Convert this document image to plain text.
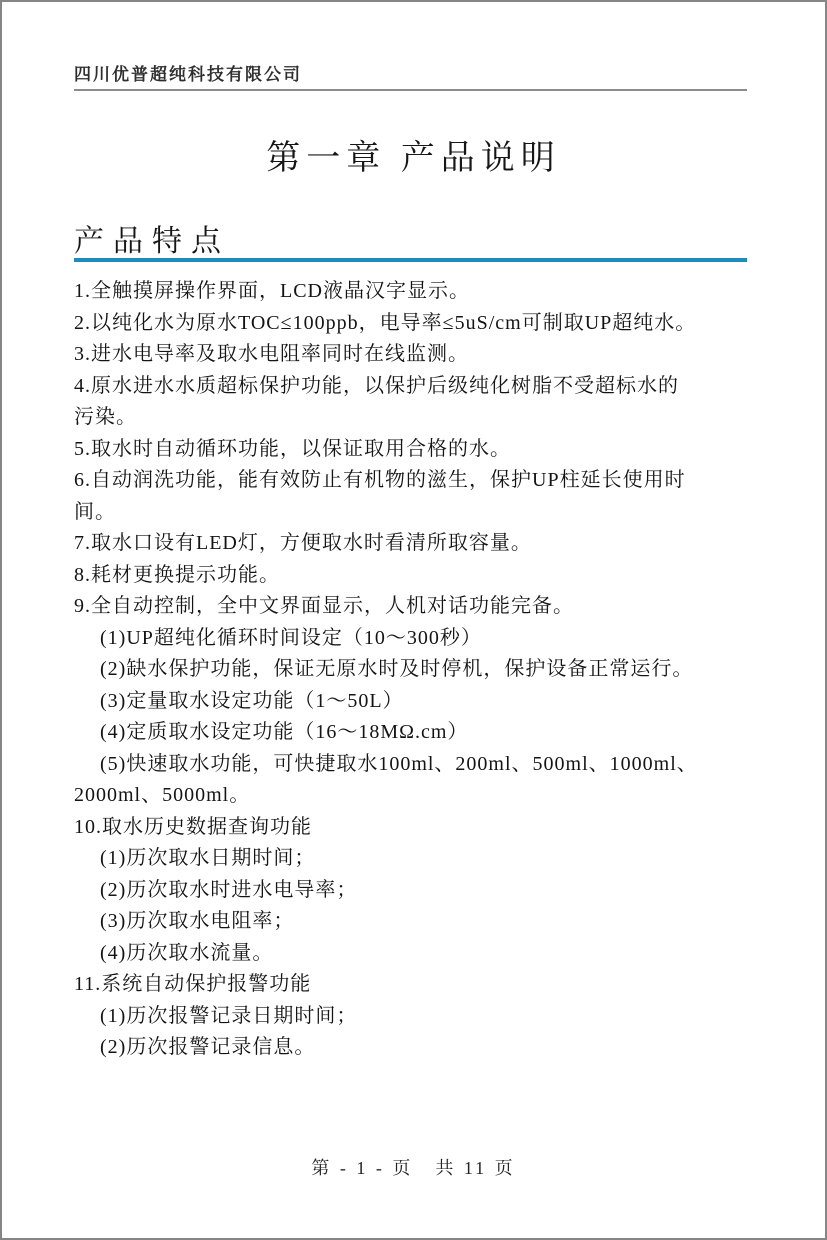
四川优普超纯科技有限公司
第一章 产品说明
产品特点
1.全触摸屏操作界面，LCD液晶汉字显示。
2.以纯化水为原水TOC≤100ppb，电导率≤5uS/cm可制取UP超纯水。
3.进水电导率及取水电阻率同时在线监测。
4.原水进水水质超标保护功能，以保护后级纯化树脂不受超标水的
污染。
5.取水时自动循环功能，以保证取用合格的水。
6.自动润洗功能，能有效防止有机物的滋生，保护UP柱延长使用时
间。
7.取水口设有LED灯，方便取水时看清所取容量。
8.耗材更换提示功能。
9.全自动控制，全中文界面显示，人机对话功能完备。
(1)UP超纯化循环时间设定（10～300秒）
(2)缺水保护功能，保证无原水时及时停机，保护设备正常运行。
(3)定量取水设定功能（1～50L）
(4)定质取水设定功能（16～18MΩ.cm）
(5)快速取水功能，可快捷取水100ml、200ml、500ml、1000ml、
2000ml、5000ml。
10.取水历史数据查询功能
(1)历次取水日期时间；
(2)历次取水时进水电导率；
(3)历次取水电阻率；
(4)历次取水流量。
11.系统自动保护报警功能
(1)历次报警记录日期时间；
(2)历次报警记录信息。
第 - 1 - 页 共 11 页
